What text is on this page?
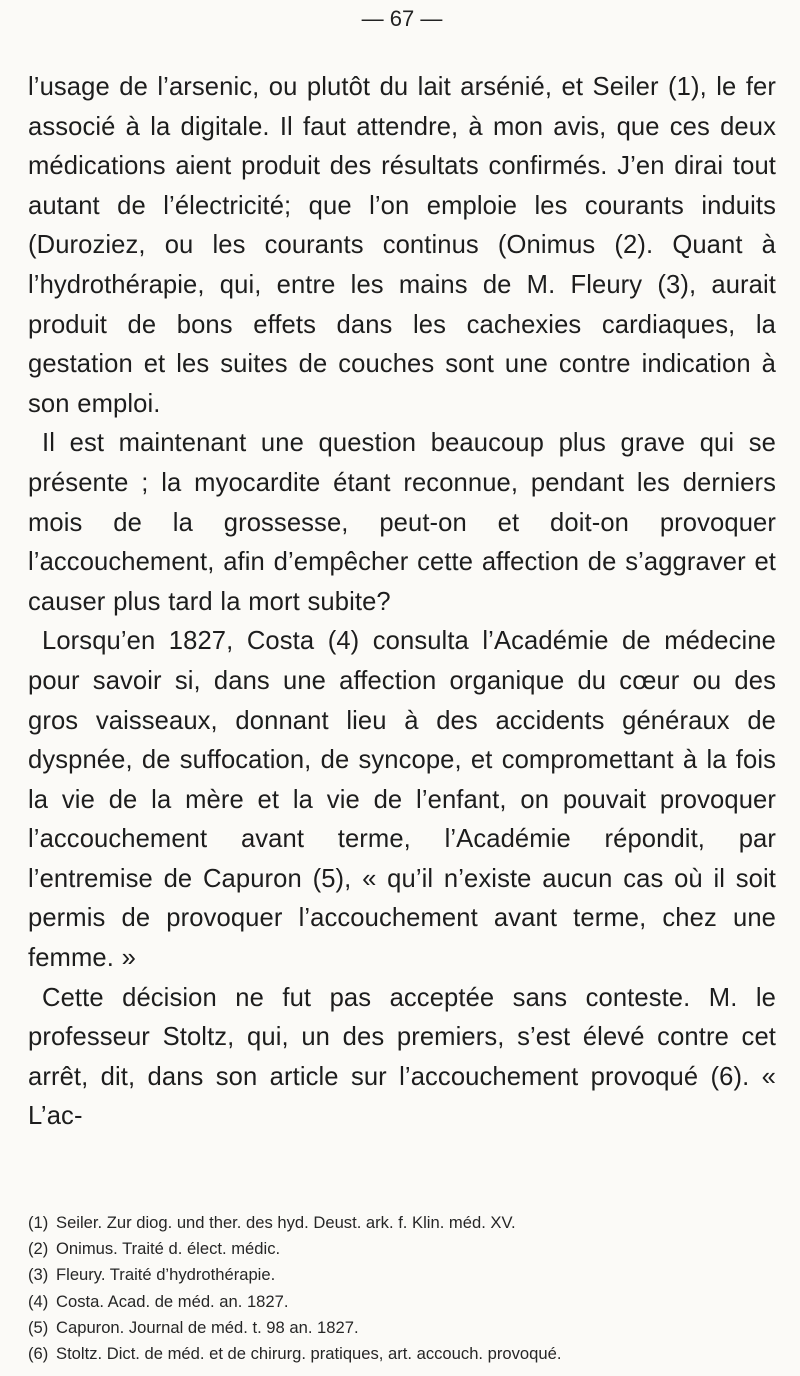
— 67 —

l’usage de l’arsenic, ou plutôt du lait arsénié, et Seiler (1), le fer associé à la digitale. Il faut attendre, à mon avis, que ces deux médications aient produit des résultats confirmés. J’en dirai tout autant de l’électricité; que l’on emploie les courants induits (Duroziez, ou les courants continus (Onimus (2). Quant à l’hydrothérapie, qui, entre les mains de M. Fleury (3), aurait produit de bons effets dans les cachexies cardiaques, la gestation et les suites de couches sont une contre indication à son emploi.

Il est maintenant une question beaucoup plus grave qui se présente ; la myocardite étant reconnue, pendant les derniers mois de la grossesse, peut-on et doit-on provoquer l’accouchement, afin d’empêcher cette affection de s’aggraver et causer plus tard la mort subite?

Lorsqu’en 1827, Costa (4) consulta l’Académie de médecine pour savoir si, dans une affection organique du cœur ou des gros vaisseaux, donnant lieu à des accidents généraux de dyspnée, de suffocation, de syncope, et compromettant à la fois la vie de la mère et la vie de l’enfant, on pouvait provoquer l’accouchement avant terme, l’Académie répondit, par l’entremise de Capuron (5), « qu’il n’existe aucun cas où il soit permis de provoquer l’accouchement avant terme, chez une femme. »

Cette décision ne fut pas acceptée sans conteste. M. le professeur Stoltz, qui, un des premiers, s’est élevé contre cet arrêt, dit, dans son article sur l’accouchement provoqué (6). « L’ac-

(1) Seiler. Zur diog. und ther. des hyd. Deust. ark. f. Klin. méd. XV.

(2) Onimus. Traité d. élect. médic.

(3) Fleury. Traité d’hydrothérapie.

(4) Costa. Acad. de méd. an. 1827.

(5) Capuron. Journal de méd. t. 98 an. 1827.

(6) Stoltz. Dict. de méd. et de chirurg. pratiques, art. accouch. provoqué.
